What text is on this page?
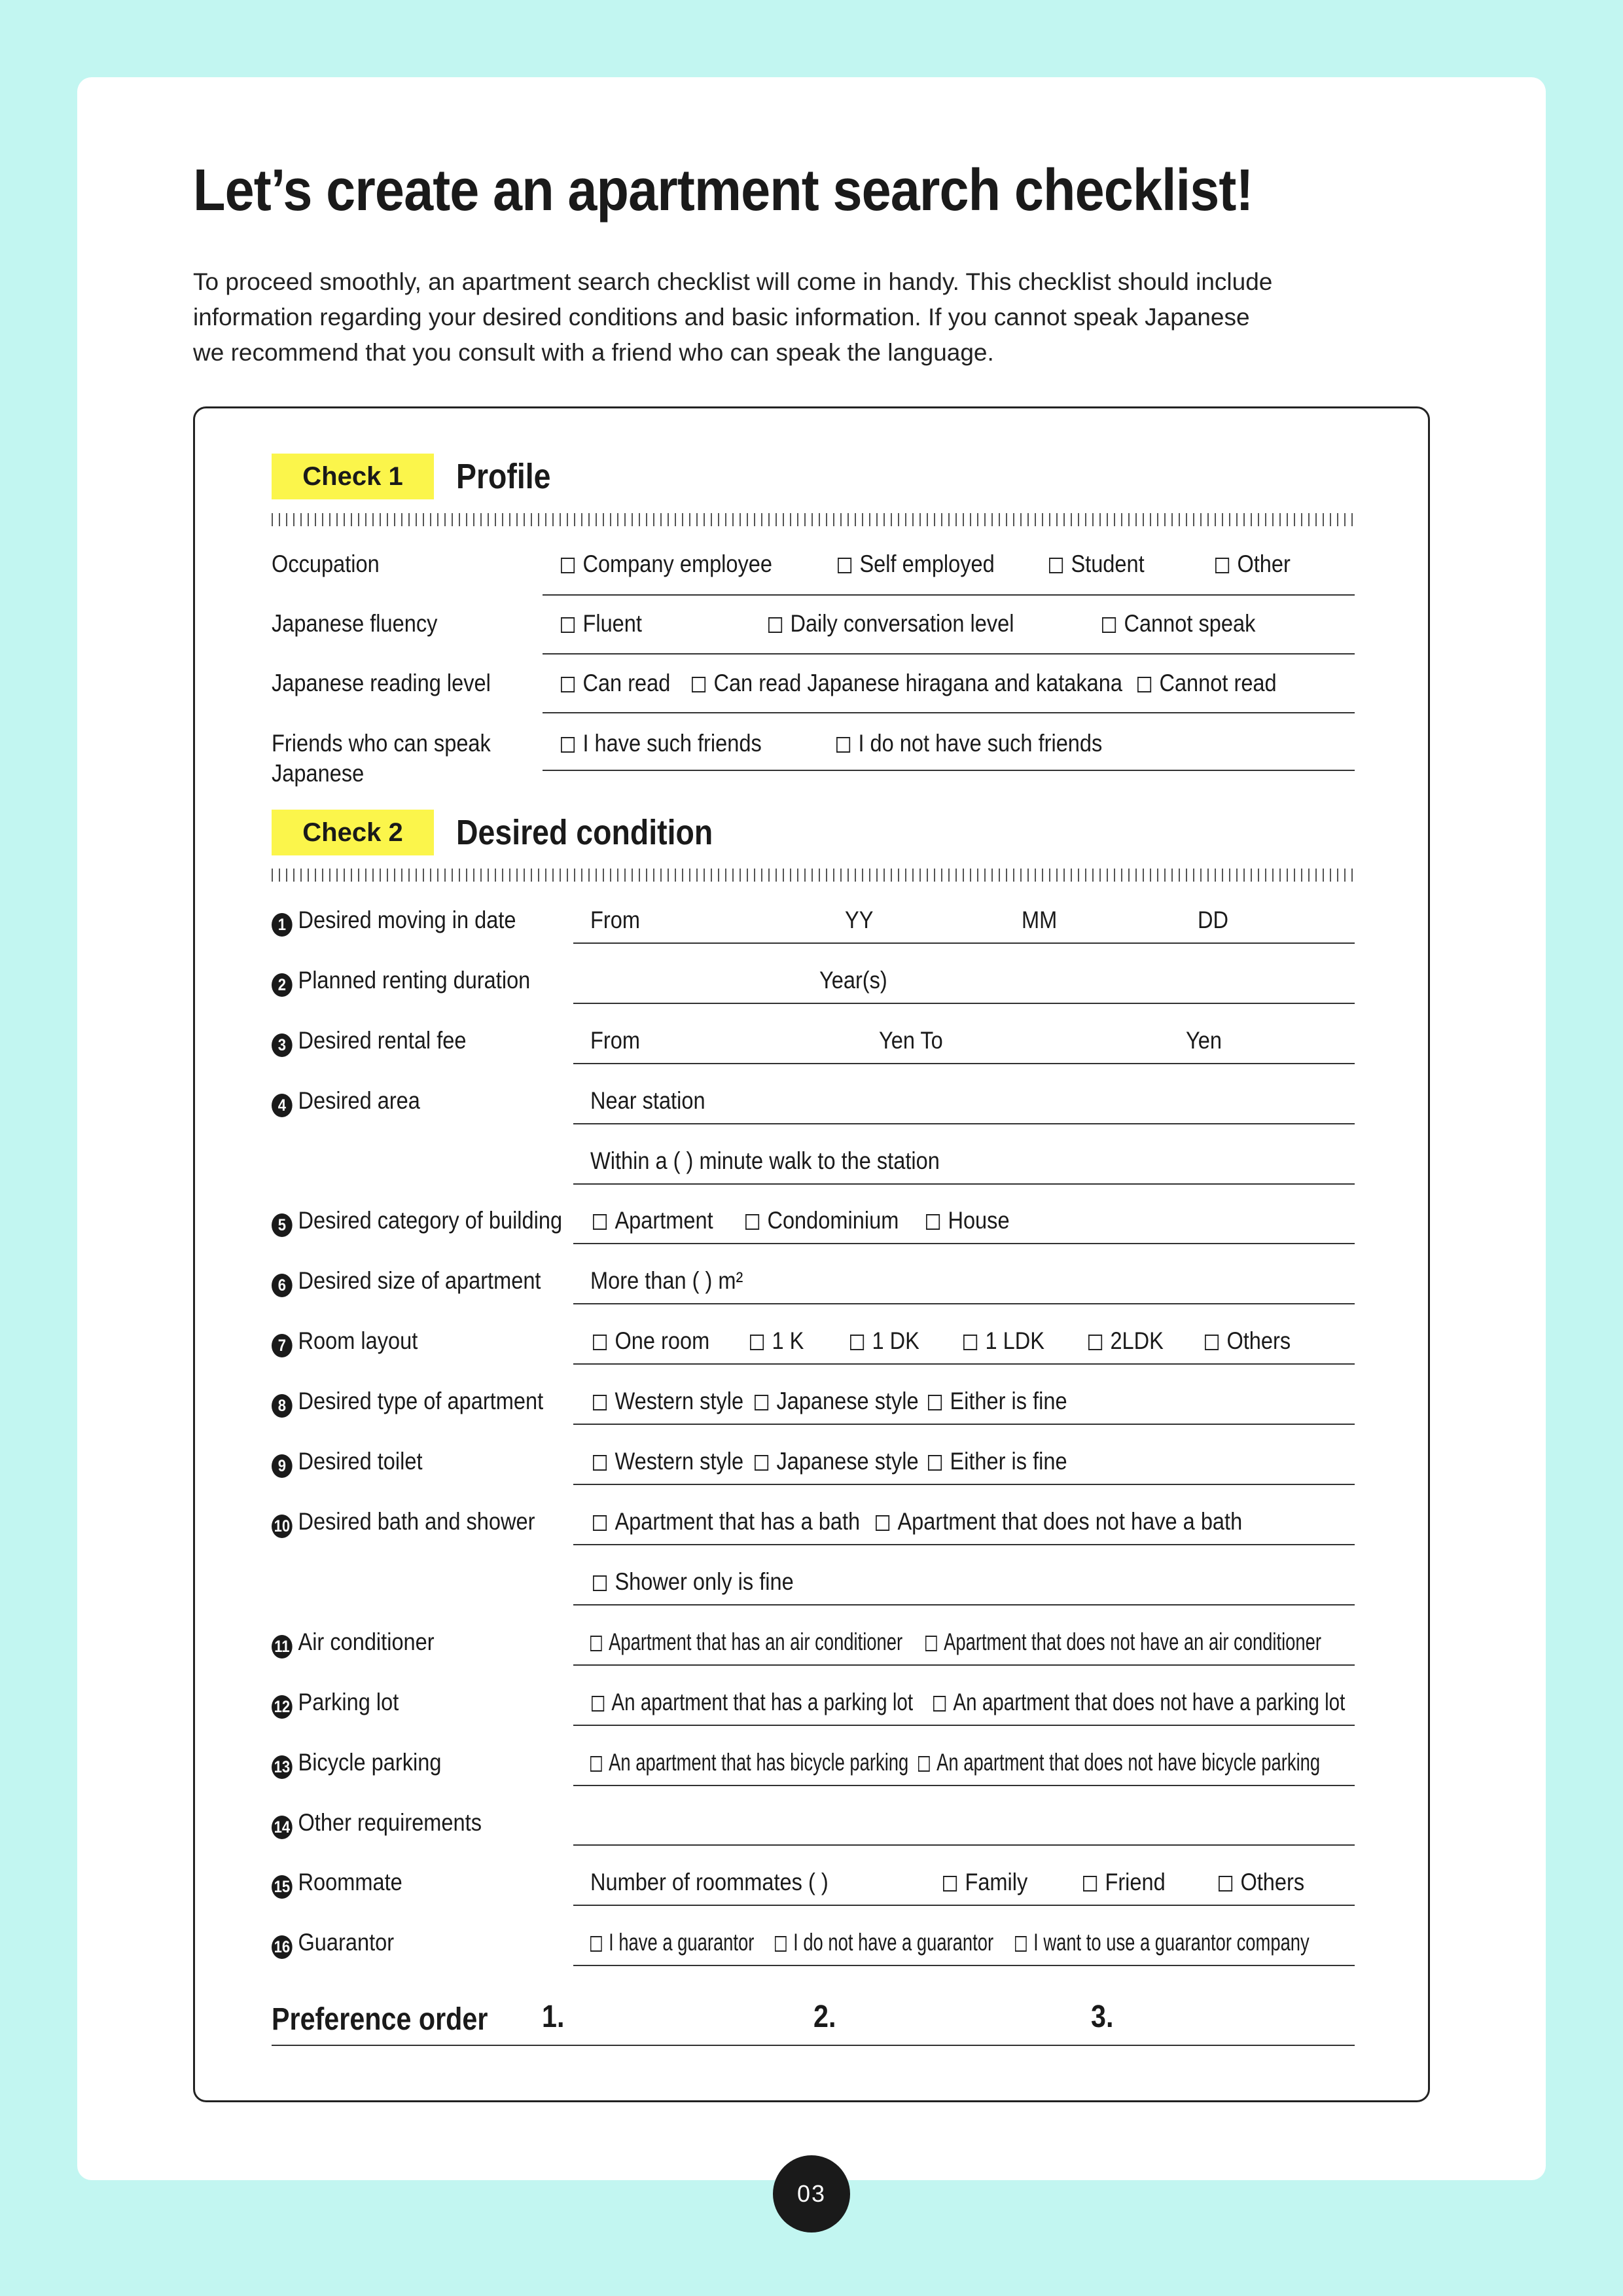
Let’s create an apartment search checklist!
To proceed smoothly, an apartment search checklist will come in handy. This checklist should include
information regarding your desired conditions and basic information. If you cannot speak Japanese
we recommend that you consult with a friend who can speak the language.
Check 1	Profile
Occupation	Company employee	Self employed	Student	Other
Japanese fluency	Fluent	Daily conversation level	Cannot speak
Japanese reading level	Can read	Can read Japanese hiragana and katakana	Cannot read
Friends who can speak
Japanese
I have such friends	I do not have such friends
Check 2	Desired condition
1 Desired moving in date	From	YY	MM	DD
2 Planned renting duration	Year(s)
3 Desired rental fee	From	Yen To	Yen
4 Desired area	Near station
Within a ( ) minute walk to the station
5 Desired category of building	Apartment	Condominium	House
6 Desired size of apartment More than ( ) m²
7 Room layout	One room	1 K	1 DK	1 LDK	2LDK	Others
8 Desired type of apartment	Western style	Japanese style	Either is fine
9 Desired toilet	Western style	Japanese style	Either is fine
10 Desired bath and shower	Apartment that has a bath	Apartment that does not have a bath
Shower only is fine
11 Air conditioner	Apartment that has an air conditioner	Apartment that does not have an air conditioner
12 Parking lot	An apartment that has a parking lot	An apartment that does not have a parking lot
13 Bicycle parking	An apartment that has bicycle parking	An apartment that does not have bicycle parking
14 Other requirements
15 Roommate	Number of roommates ( )	Family	Friend	Others
16 Guarantor	I have a guarantor	I do not have a guarantor	I want to use a guarantor company
Preference order 1.	2.	3.
03
